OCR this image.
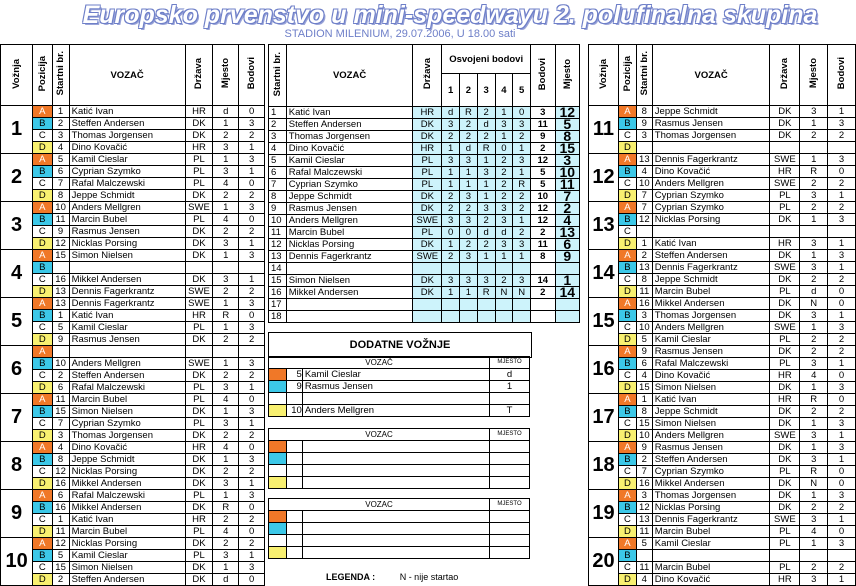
Europsko prvenstvo u mini-speedwayu 2. polufinalna skupina
STADION MILENIUM, 29.07.2006, U 18.00 sati
Vožnja	Pozicija	Startni br.	VOZAČ	Država	Mjesto	Bodovi
1	A	1	Katić Ivan	HR	d	0
	B	2	Steffen Andersen	DK	1	3
	C	3	Thomas Jorgensen	DK	2	2
	D	4	Dino Kovačić	HR	3	1
2	A	5	Kamil Cieslar	PL	1	3
	B	6	Cyprian Szymko	PL	3	1
	C	7	Rafal Malczewski	PL	4	0
	D	8	Jeppe Schmidt	DK	2	2
3	A	10	Anders Mellgren	SWE	1	3
	B	11	Marcin Bubel	PL	4	0
	C	9	Rasmus Jensen	DK	2	2
	D	12	Nicklas Porsing	DK	3	1
4	A	15	Simon Nielsen	DK	1	3
	B					
	C	16	Mikkel Andersen	DK	3	1
	D	13	Dennis Fagerkrantz	SWE	2	2
5	A	13	Dennis Fagerkrantz	SWE	1	3
	B	1	Katić Ivan	HR	R	0
	C	5	Kamil Cieslar	PL	1	3
	D	9	Rasmus Jensen	DK	2	2
6	A					
	B	10	Anders Mellgren	SWE	1	3
	C	2	Steffen Andersen	DK	2	2
	D	6	Rafal Malczewski	PL	3	1
7	A	11	Marcin Bubel	PL	4	0
	B	15	Simon Nielsen	DK	1	3
	C	7	Cyprian Szymko	PL	3	1
	D	3	Thomas Jorgensen	DK	2	2
8	A	4	Dino Kovačić	HR	4	0
	B	8	Jeppe Schmidt	DK	1	3
	C	12	Nicklas Porsing	DK	2	2
	D	16	Mikkel Andersen	DK	3	1
9	A	6	Rafal Malczewski	PL	1	3
	B	16	Mikkel Andersen	DK	R	0
	C	1	Katić Ivan	HR	2	2
	D	11	Marcin Bubel	PL	4	0
10	A	12	Nicklas Porsing	DK	2	2
	B	5	Kamil Cieslar	PL	3	1
	C	15	Simon Nielsen	DK	1	3
	D	2	Steffen Andersen	DK	d	0
Startni br.	VOZAČ	Država	Osvojeni bodovi					Bodovi	Mjesto
			1	2	3	4	5		
1	Katić Ivan	HR	d	R	2	1	0	3	12
2	Steffen Andersen	DK	3	2	d	3	3	11	5
3	Thomas Jorgensen	DK	2	2	2	1	2	9	8
4	Dino Kovačić	HR	1	d	R	0	1	2	15
5	Kamil Cieslar	PL	3	3	1	2	3	12	3
6	Rafal Malczewski	PL	1	1	3	2	1	5	10
7	Cyprian Szymko	PL	1	1	1	2	R	5	11
8	Jeppe Schmidt	DK	2	3	1	2	2	10	7
9	Rasmus Jensen	DK	2	2	3	3	2	12	2
10	Anders Mellgren	SWE	3	3	2	3	1	12	4
11	Marcin Bubel	PL	0	0	d	d	2	2	13
12	Nicklas Porsing	DK	1	2	2	3	3	11	6
13	Dennis Fagerkrantz	SWE	2	3	1	1	1	8	9
14									
15	Simon Nielsen	DK	3	3	3	2	3	14	1
16	Mikkel Andersen	DK	1	1	R	N	N	2	14
17									
18									
DODATNE VOŽNJE
VOZAČ			MJESTO
	5	Kamil Cieslar	d
	9	Rasmus Jensen	1

	10	Anders Mellgren	T
VOZAC			MJESTO

VOZAC			MJESTO

LEGENDA :	N - nije startao
Vožnja	Pozicija	Startni br.	VOZAČ	Država	Mjesto	Bodovi
11	A	8	Jeppe Schmidt	DK	3	1
	B	9	Rasmus Jensen	DK	1	3
	C	3	Thomas Jorgensen	DK	2	2
	D					
12	A	13	Dennis Fagerkrantz	SWE	1	3
	B	4	Dino Kovačić	HR	R	0
	C	10	Anders Mellgren	SWE	2	2
	D	7	Cyprian Szymko	PL	3	1
13	A	7	Cyprian Szymko	PL	2	2
	B	12	Nicklas Porsing	DK	1	3
	C					
	D	1	Katić Ivan	HR	3	1
14	A	2	Steffen Andersen	DK	1	3
	B	13	Dennis Fagerkrantz	SWE	3	1
	C	8	Jeppe Schmidt	DK	2	2
	D	11	Marcin Bubel	PL	d	0
15	A	16	Mikkel Andersen	DK	N	0
	B	3	Thomas Jorgensen	DK	3	1
	C	10	Anders Mellgren	SWE	1	3
	D	5	Kamil Cieslar	PL	2	2
16	A	9	Rasmus Jensen	DK	2	2
	B	6	Rafal Malczewski	PL	3	1
	C	4	Dino Kovačić	HR	4	0
	D	15	Simon Nielsen	DK	1	3
17	A	1	Katić Ivan	HR	R	0
	B	8	Jeppe Schmidt	DK	2	2
	C	15	Simon Nielsen	DK	1	3
	D	10	Anders Mellgren	SWE	3	1
18	A	9	Rasmus Jensen	DK	1	3
	B	2	Steffen Andersen	DK	3	1
	C	7	Cyprian Szymko	PL	R	0
	D	16	Mikkel Andersen	DK	N	0
19	A	3	Thomas Jorgensen	DK	1	3
	B	12	Nicklas Porsing	DK	2	2
	C	13	Dennis Fagerkrantz	SWE	3	1
	D	11	Marcin Bubel	PL	4	0
20	A	5	Kamil Cieslar	PL	1	3
	B					
	C	11	Marcin Bubel	PL	2	2
	D	4	Dino Kovačić	HR	3	1
